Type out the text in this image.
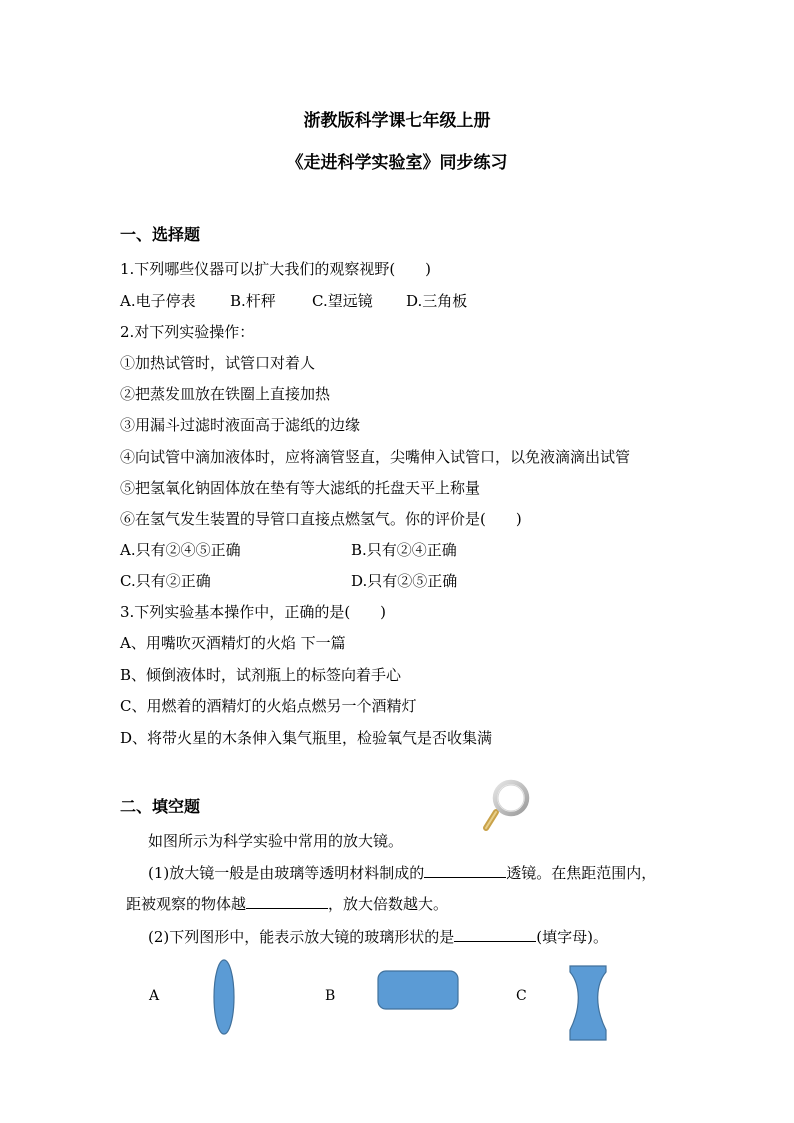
浙教版科学课七年级上册
《走进科学实验室》同步练习
一、选择题
1.下列哪些仪器可以扩大我们的观察视野(　　)
A.电子停表 B.杆秤 C.望远镜 D.三角板
2.对下列实验操作：
①加热试管时，试管口对着人
②把蒸发皿放在铁圈上直接加热
③用漏斗过滤时液面高于滤纸的边缘
④向试管中滴加液体时，应将滴管竖直，尖嘴伸入试管口，以免液滴滴出试管
⑤把氢氧化钠固体放在垫有等大滤纸的托盘天平上称量
⑥在氢气发生装置的导管口直接点燃氢气。你的评价是(　　)
A.只有②④⑤正确	B.只有②④正确
C.只有②正确	D.只有②⑤正确
3.下列实验基本操作中，正确的是(　　)
A、用嘴吹灭酒精灯的火焰 下一篇
B、倾倒液体时，试剂瓶上的标签向着手心
C、用燃着的酒精灯的火焰点燃另一个酒精灯
D、将带火星的木条伸入集气瓶里，检验氧气是否收集满
二、填空题
如图所示为科学实验中常用的放大镜。
(1)放大镜一般是由玻璃等透明材料制成的	透镜。在焦距范围内，
距被观察的物体越	，放大倍数越大。
(2)下列图形中，能表示放大镜的玻璃形状的是	(填字母)。
A	B	C
